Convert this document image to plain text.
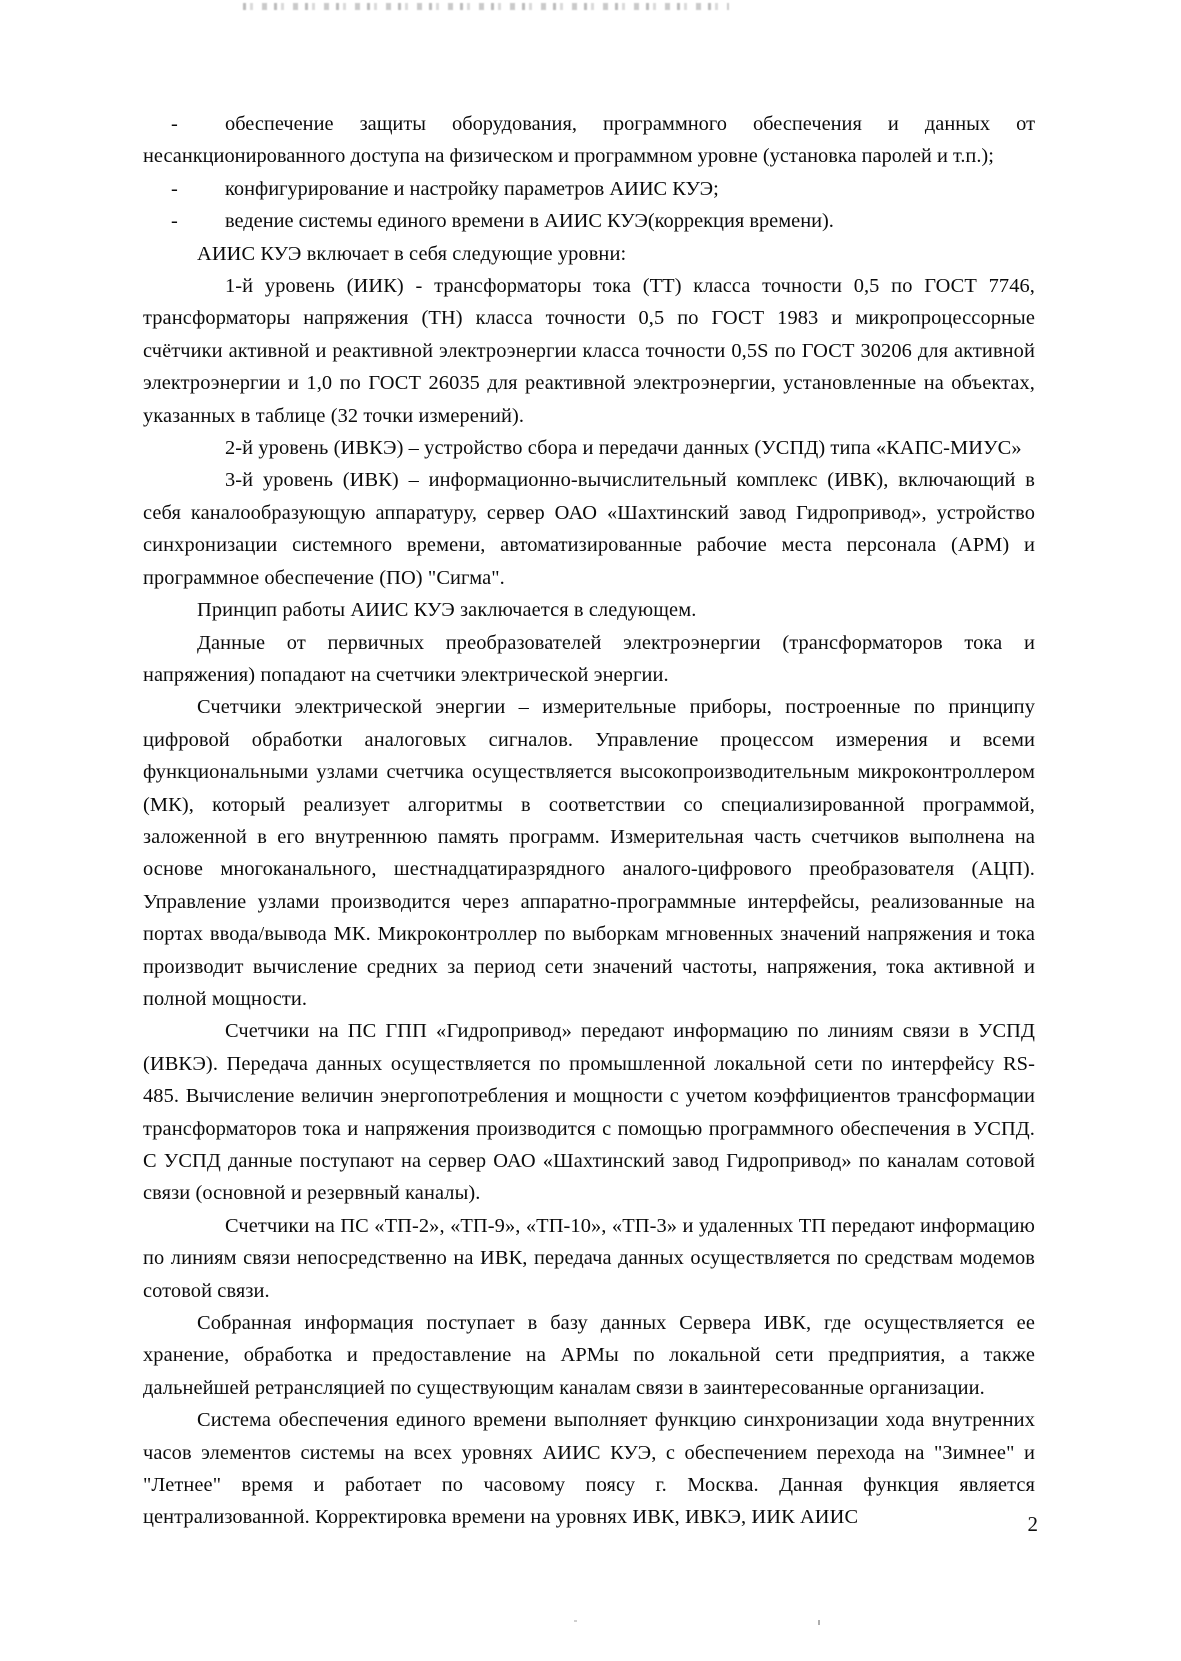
-	обеспечение защиты оборудования, программного обеспечения и данных от несанкционированного доступа на физическом и программном уровне (установка паролей и т.п.);
-	конфигурирование и настройку параметров АИИС КУЭ;
-	ведение системы единого времени в АИИС КУЭ(коррекция времени).

АИИС КУЭ включает в себя следующие уровни:

1-й уровень (ИИК) - трансформаторы тока (ТТ) класса точности 0,5 по ГОСТ 7746, трансформаторы напряжения (ТН) класса точности 0,5 по ГОСТ 1983 и микропроцессорные счётчики активной и реактивной электроэнергии класса точности 0,5S по ГОСТ 30206 для активной электроэнергии и 1,0 по ГОСТ 26035 для реактивной электроэнергии, установленные на объектах, указанных в таблице (32 точки измерений).

2-й уровень (ИВКЭ) – устройство сбора и передачи данных (УСПД) типа «КАПС-МИУС»

3-й уровень (ИВК) – информационно-вычислительный комплекс (ИВК), включающий в себя каналообразующую аппаратуру, сервер ОАО «Шахтинский завод Гидропривод», устройство синхронизации системного времени, автоматизированные рабочие места персонала (АРМ) и программное обеспечение (ПО) "Сигма".

Принцип работы АИИС КУЭ заключается в следующем.

Данные от первичных преобразователей электроэнергии (трансформаторов тока и напряжения) попадают на счетчики электрической энергии.

Счетчики электрической энергии – измерительные приборы, построенные по принципу цифровой обработки аналоговых сигналов. Управление процессом измерения и всеми функциональными узлами счетчика осуществляется высокопроизводительным микроконтроллером (МК), который реализует алгоритмы в соответствии со специализированной программой, заложенной в его внутреннюю память программ. Измерительная часть счетчиков выполнена на основе многоканального, шестнадцатиразрядного аналого-цифрового преобразователя (АЦП). Управление узлами производится через аппаратно-программные интерфейсы, реализованные на портах ввода/вывода МК. Микроконтроллер по выборкам мгновенных значений напряжения и тока производит вычисление средних за период сети значений частоты, напряжения, тока активной и полной мощности.

Счетчики на ПС ГПП «Гидропривод» передают информацию по линиям связи в УСПД (ИВКЭ). Передача данных осуществляется по промышленной локальной сети по интерфейсу RS-485. Вычисление величин энергопотребления и мощности с учетом коэффициентов трансформации трансформаторов тока и напряжения производится с помощью программного обеспечения в УСПД. С УСПД данные поступают на сервер ОАО «Шахтинский завод Гидропривод» по каналам сотовой связи (основной и резервный каналы).

Счетчики на ПС «ТП-2», «ТП-9», «ТП-10», «ТП-3» и удаленных ТП передают информацию по линиям связи непосредственно на ИВК, передача данных осуществляется по средствам модемов сотовой связи.

Собранная информация поступает в базу данных Сервера ИВК, где осуществляется ее хранение, обработка и предоставление на АРМы по локальной сети предприятия, а также дальнейшей ретрансляцией по существующим каналам связи в заинтересованные организации.

Система обеспечения единого времени выполняет функцию синхронизации хода внутренних часов элементов системы на всех уровнях АИИС КУЭ, с обеспечением перехода на "Зимнее" и "Летнее" время и работает по часовому поясу г. Москва. Данная функция является централизованной. Корректировка времени на уровнях ИВК, ИВКЭ, ИИК АИИС	2
